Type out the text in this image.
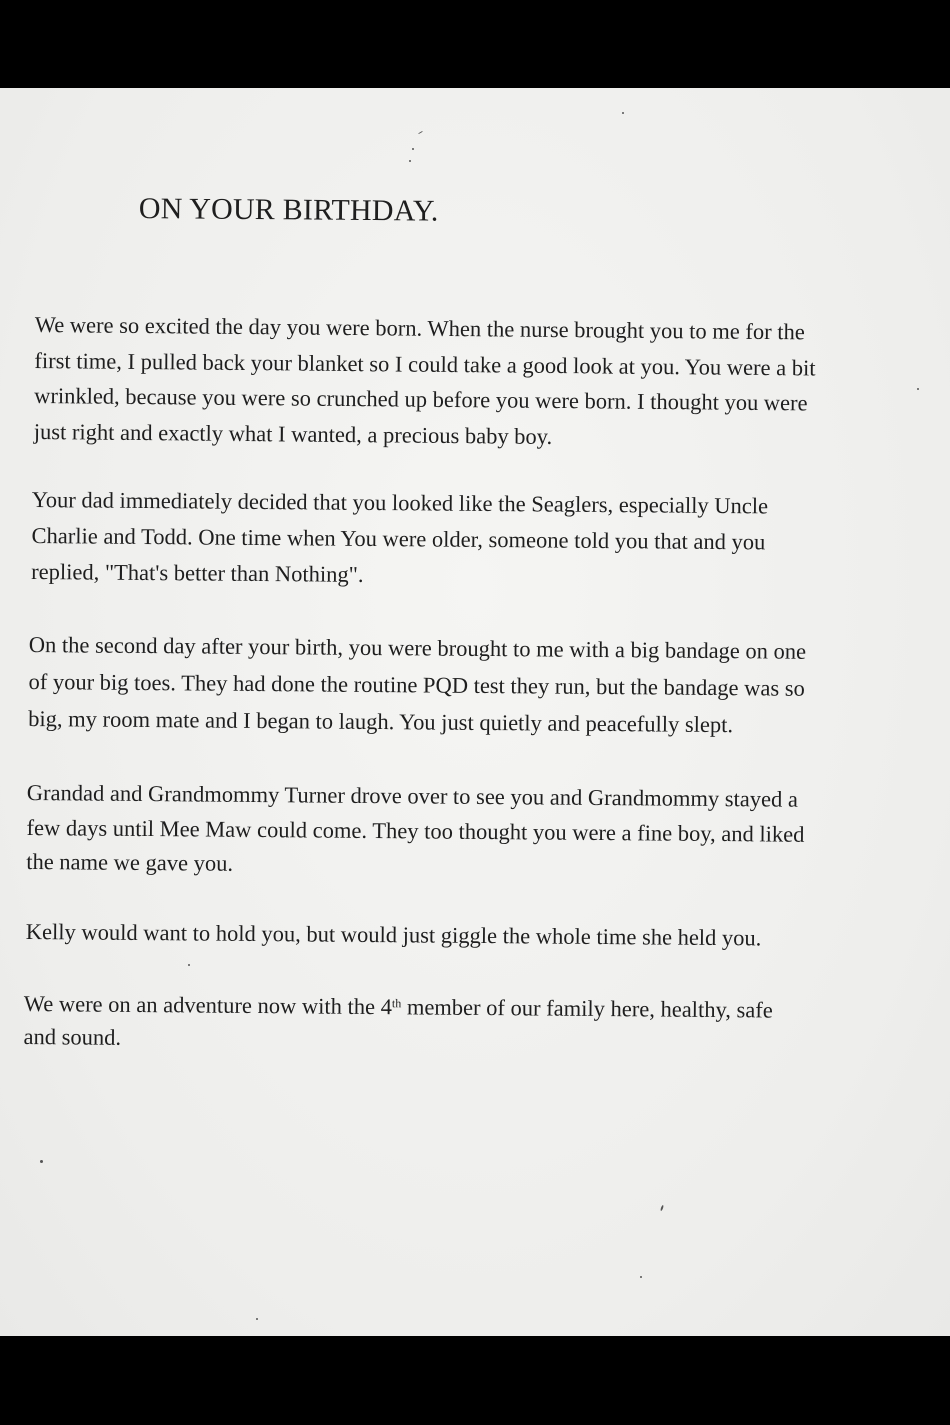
ON YOUR BIRTHDAY.

We were so excited the day you were born. When the nurse brought you to me for the
first time, I pulled back your blanket so I could take a good look at you. You were a bit
wrinkled, because you were so crunched up before you were born. I thought you were
just right and exactly what I wanted, a precious baby boy.

Your dad immediately decided that you looked like the Seaglers, especially Uncle
Charlie and Todd. One time when You were older, someone told you that and you
replied, "That's better than Nothing".

On the second day after your birth, you were brought to me with a big bandage on one
of your big toes. They had done the routine PQD test they run, but the bandage was so
big, my room mate and I began to laugh. You just quietly and peacefully slept.

Grandad and Grandmommy Turner drove over to see you and Grandmommy stayed a
few days until Mee Maw could come. They too thought you were a fine boy, and liked
the name we gave you.

Kelly would want to hold you, but would just giggle the whole time she held you.

We were on an adventure now with the 4th member of our family here, healthy, safe
and sound.
